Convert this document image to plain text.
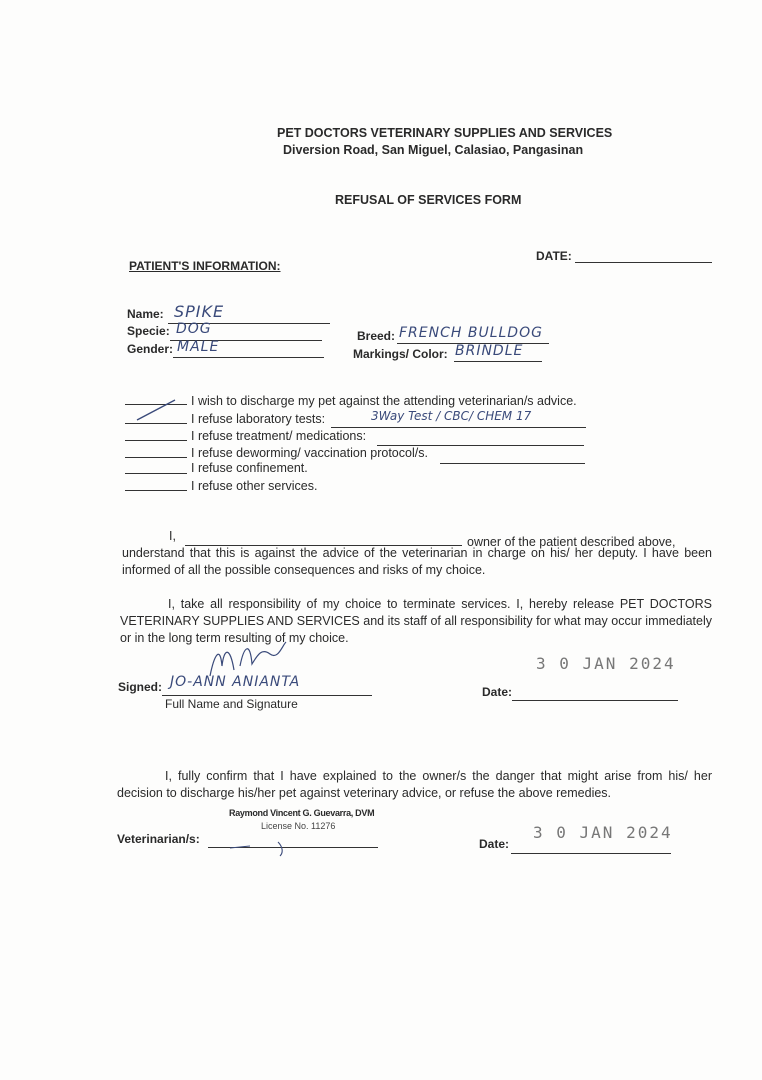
PET DOCTORS VETERINARY SUPPLIES AND SERVICES
Diversion Road, San Miguel, Calasiao, Pangasinan
REFUSAL OF SERVICES FORM
DATE:
PATIENT'S INFORMATION:
Name: SPIKE
Specie: DOG
Gender: MALE
Breed: FRENCH BULLDOG
Markings/ Color: BRINDLE
I wish to discharge my pet against the attending veterinarian/s advice.
I refuse laboratory tests:	3Way Test / CBC/ CHEM 17
I refuse treatment/ medications:
I refuse deworming/ vaccination protocol/s.
I refuse confinement.
I refuse other services.
I,	owner of the patient described above,
understand that this is against the advice of the veterinarian in charge on his/ her deputy. I have been informed of all the possible consequences and risks of my choice.
I, take all responsibility of my choice to terminate services. I, hereby release PET DOCTORS VETERINARY SUPPLIES AND SERVICES and its staff of all responsibility for what may occur immediately or in the long term resulting of my choice.
Signed: JO-ANN ANIANTA
Full Name and Signature
Date:
3 0 JAN 2024
I, fully confirm that I have explained to the owner/s the danger that might arise from his/ her decision to discharge his/her pet against veterinary advice, or refuse the above remedies.
Raymond Vincent G. Guevarra, DVM
License No. 11276
Veterinarian/s:	Date:
3 0 JAN 2024
